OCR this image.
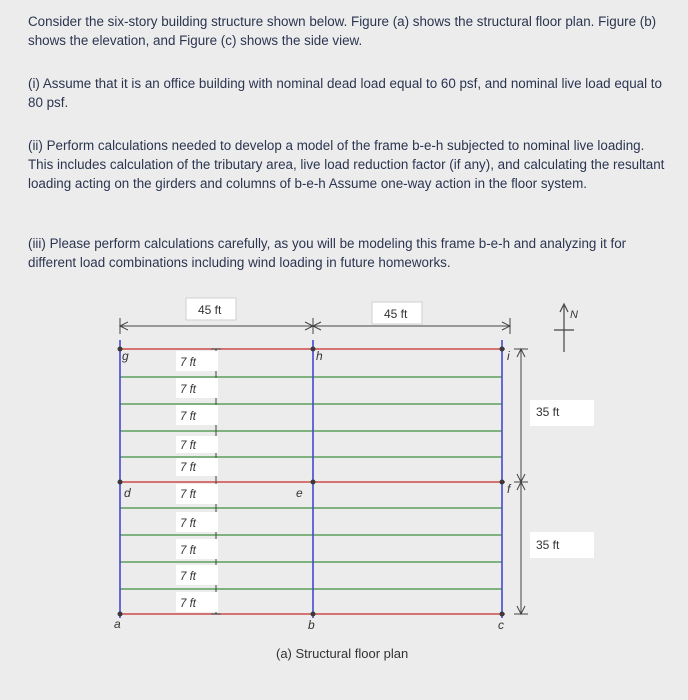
Consider the six-story building structure shown below. Figure (a) shows the structural floor plan. Figure (b) shows the elevation, and Figure (c) shows the side view.

(i) Assume that it is an office building with nominal dead load equal to 60 psf, and nominal live load equal to 80 psf.

(ii) Perform calculations needed to develop a model of the frame b-e-h subjected to nominal live loading. This includes calculation of the tributary area, live load reduction factor (if any), and calculating the resultant loading acting on the girders and columns of b-e-h Assume one-way action in the floor system.

(iii) Please perform calculations carefully, as you will be modeling this frame b-e-h and analyzing it for different load combinations including wind loading in future homeworks.

45 ft	45 ft	N
g	h	i
d	e	f
a	b	c
7 ft
7 ft
7 ft
7 ft
7 ft
7 ft
7 ft
7 ft
7 ft
7 ft
35 ft
35 ft
(a) Structural floor plan
